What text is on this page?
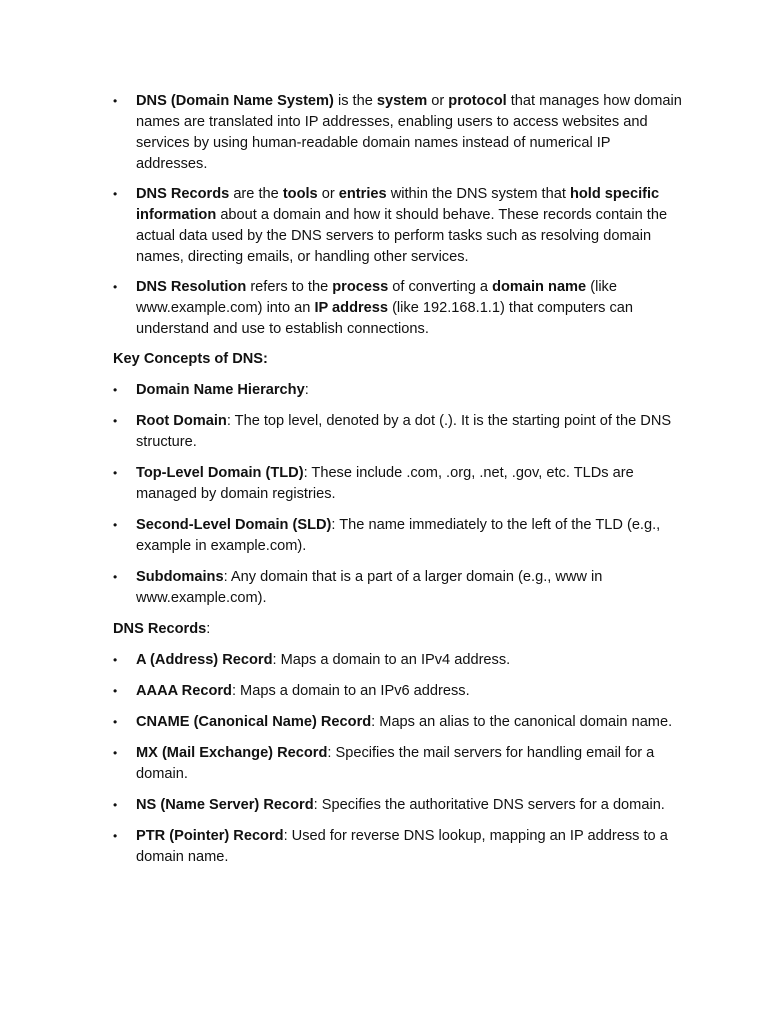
•	DNS (Domain Name System) is the system or protocol that manages how domain names are translated into IP addresses, enabling users to access websites and services by using human-readable domain names instead of numerical IP addresses.
•	DNS Records are the tools or entries within the DNS system that hold specific information about a domain and how it should behave. These records contain the actual data used by the DNS servers to perform tasks such as resolving domain names, directing emails, or handling other services.
•	DNS Resolution refers to the process of converting a domain name (like www.example.com) into an IP address (like 192.168.1.1) that computers can understand and use to establish connections.
Key Concepts of DNS:
•	Domain Name Hierarchy:
•	Root Domain: The top level, denoted by a dot (.). It is the starting point of the DNS structure.
•	Top-Level Domain (TLD): These include .com, .org, .net, .gov, etc. TLDs are managed by domain registries.
•	Second-Level Domain (SLD): The name immediately to the left of the TLD (e.g., example in example.com).
•	Subdomains: Any domain that is a part of a larger domain (e.g., www in www.example.com).
DNS Records:
•	A (Address) Record: Maps a domain to an IPv4 address.
•	AAAA Record: Maps a domain to an IPv6 address.
•	CNAME (Canonical Name) Record: Maps an alias to the canonical domain name.
•	MX (Mail Exchange) Record: Specifies the mail servers for handling email for a domain.
•	NS (Name Server) Record: Specifies the authoritative DNS servers for a domain.
•	PTR (Pointer) Record: Used for reverse DNS lookup, mapping an IP address to a domain name.
